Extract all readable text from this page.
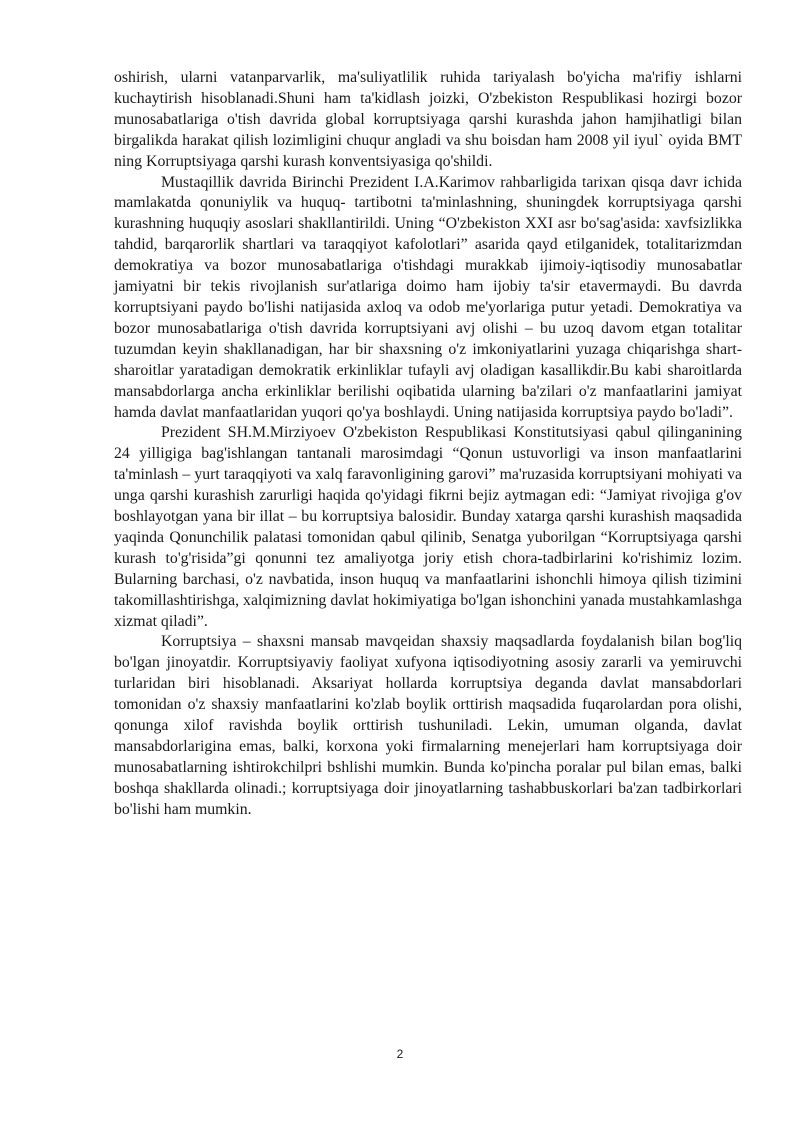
oshirish, ularni vatanparvarlik, ma'suliyatlilik ruhida tariyalash bo'yicha ma'rifiy ishlarni kuchaytirish hisoblanadi.Shuni ham ta'kidlash joizki, O'zbekiston Respublikasi hozirgi bozor munosabatlariga o'tish davrida global korruptsiyaga qarshi kurashda jahon hamjihatligi bilan birgalikda harakat qilish lozimligini chuqur angladi va shu boisdan ham 2008 yil iyul` oyida BMT ning Korruptsiyaga qarshi kurash konventsiyasiga qo'shildi.

Mustaqillik davrida Birinchi Prezident I.A.Karimov rahbarligida tarixan qisqa davr ichida mamlakatda qonuniylik va huquq- tartibotni ta'minlashning, shuningdek korruptsiyaga qarshi kurashning huquqiy asoslari shakllantirildi. Uning “O'zbekiston XXI asr bo'sag'asida: xavfsizlikka tahdid, barqarorlik shartlari va taraqqiyot kafolotlari” asarida qayd etilganidek, totalitarizmdan demokratiya va bozor munosabatlariga o'tishdagi murakkab ijimoiy-iqtisodiy munosabatlar jamiyatni bir tekis rivojlanish sur'atlariga doimo ham ijobiy ta'sir etavermaydi. Bu davrda korruptsiyani paydo bo'lishi natijasida axloq va odob me'yorlariga putur yetadi. Demokratiya va bozor munosabatlariga o'tish davrida korruptsiyani avj olishi – bu uzoq davom etgan totalitar tuzumdan keyin shakllanadigan, har bir shaxsning o'z imkoniyatlarini yuzaga chiqarishga shart-sharoitlar yaratadigan demokratik erkinliklar tufayli avj oladigan kasallikdir.Bu kabi sharoitlarda mansabdorlarga ancha erkinliklar berilishi oqibatida ularning ba'zilari o'z manfaatlarini jamiyat hamda davlat manfaatlaridan yuqori qo'ya boshlaydi. Uning natijasida korruptsiya paydo bo'ladi”.

Prezident SH.M.Mirziyoev O'zbekiston Respublikasi Konstitutsiyasi qabul qilinganining 24 yilligiga bag'ishlangan tantanali marosimdagi “Qonun ustuvorligi va inson manfaatlarini ta'minlash – yurt taraqqiyoti va xalq faravonligining garovi” ma'ruzasida korruptsiyani mohiyati va unga qarshi kurashish zarurligi haqida qo'yidagi fikrni bejiz aytmagan edi: “Jamiyat rivojiga g'ov boshlayotgan yana bir illat – bu korruptsiya balosidir. Bunday xatarga qarshi kurashish maqsadida yaqinda Qonunchilik palatasi tomonidan qabul qilinib, Senatga yuborilgan “Korruptsiyaga qarshi kurash to'g'risida”gi qonunni tez amaliyotga joriy etish chora-tadbirlarini ko'rishimiz lozim. Bularning barchasi, o'z navbatida, inson huquq va manfaatlarini ishonchli himoya qilish tizimini takomillashtirishga, xalqimizning davlat hokimiyatiga bo'lgan ishonchini yanada mustahkamlashga xizmat qiladi”.

Korruptsiya – shaxsni mansab mavqeidan shaxsiy maqsadlarda foydalanish bilan bog'liq bo'lgan jinoyatdir. Korruptsiyaviy faoliyat xufyona iqtisodiyotning asosiy zararli va yemiruvchi turlaridan biri hisoblanadi. Aksariyat hollarda korruptsiya deganda davlat mansabdorlari tomonidan o'z shaxsiy manfaatlarini ko'zlab boylik orttirish maqsadida fuqarolardan pora olishi, qonunga xilof ravishda boylik orttirish tushuniladi. Lekin, umuman olganda, davlat mansabdorlarigina emas, balki, korxona yoki firmalarning menejerlari ham korruptsiyaga doir munosabatlarning ishtirokchilpri bshlishi mumkin. Bunda ko'pincha poralar pul bilan emas, balki boshqa shakllarda olinadi.; korruptsiyaga doir jinoyatlarning tashabbuskorlari ba'zan tadbirkorlari bo'lishi ham mumkin.

2
